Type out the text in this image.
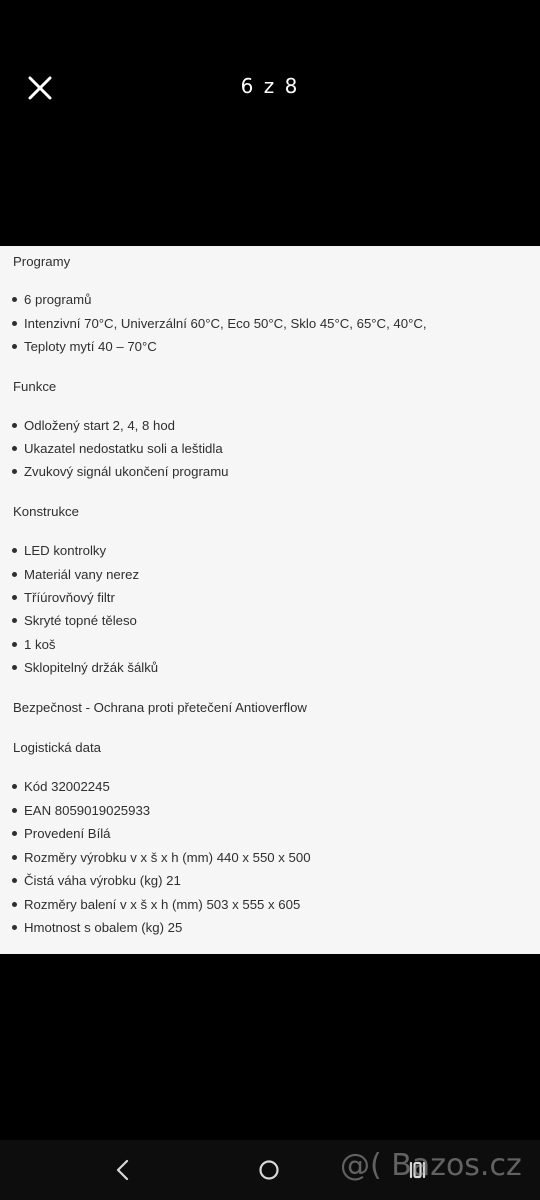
6 z 8
Programy
6 programů
Intenzivní 70°C, Univerzální 60°C, Eco 50°C, Sklo 45°C, 65°C, 40°C,
Teploty mytí 40 – 70°C
Funkce
Odložený start 2, 4, 8 hod
Ukazatel nedostatku soli a leštidla
Zvukový signál ukončení programu
Konstrukce
LED kontrolky
Materiál vany nerez
Tříúrovňový filtr
Skryté topné těleso
1 koš
Sklopitelný držák šálků
Bezpečnost - Ochrana proti přetečení Antioverflow
Logistická data
Kód 32002245
EAN 8059019025933
Provedení Bílá
Rozměry výrobku v x š x h (mm) 440 x 550 x 500
Čistá váha výrobku (kg) 21
Rozměry balení v x š x h (mm) 503 x 555 x 605
Hmotnost s obalem (kg) 25
@( Bazos.cz
